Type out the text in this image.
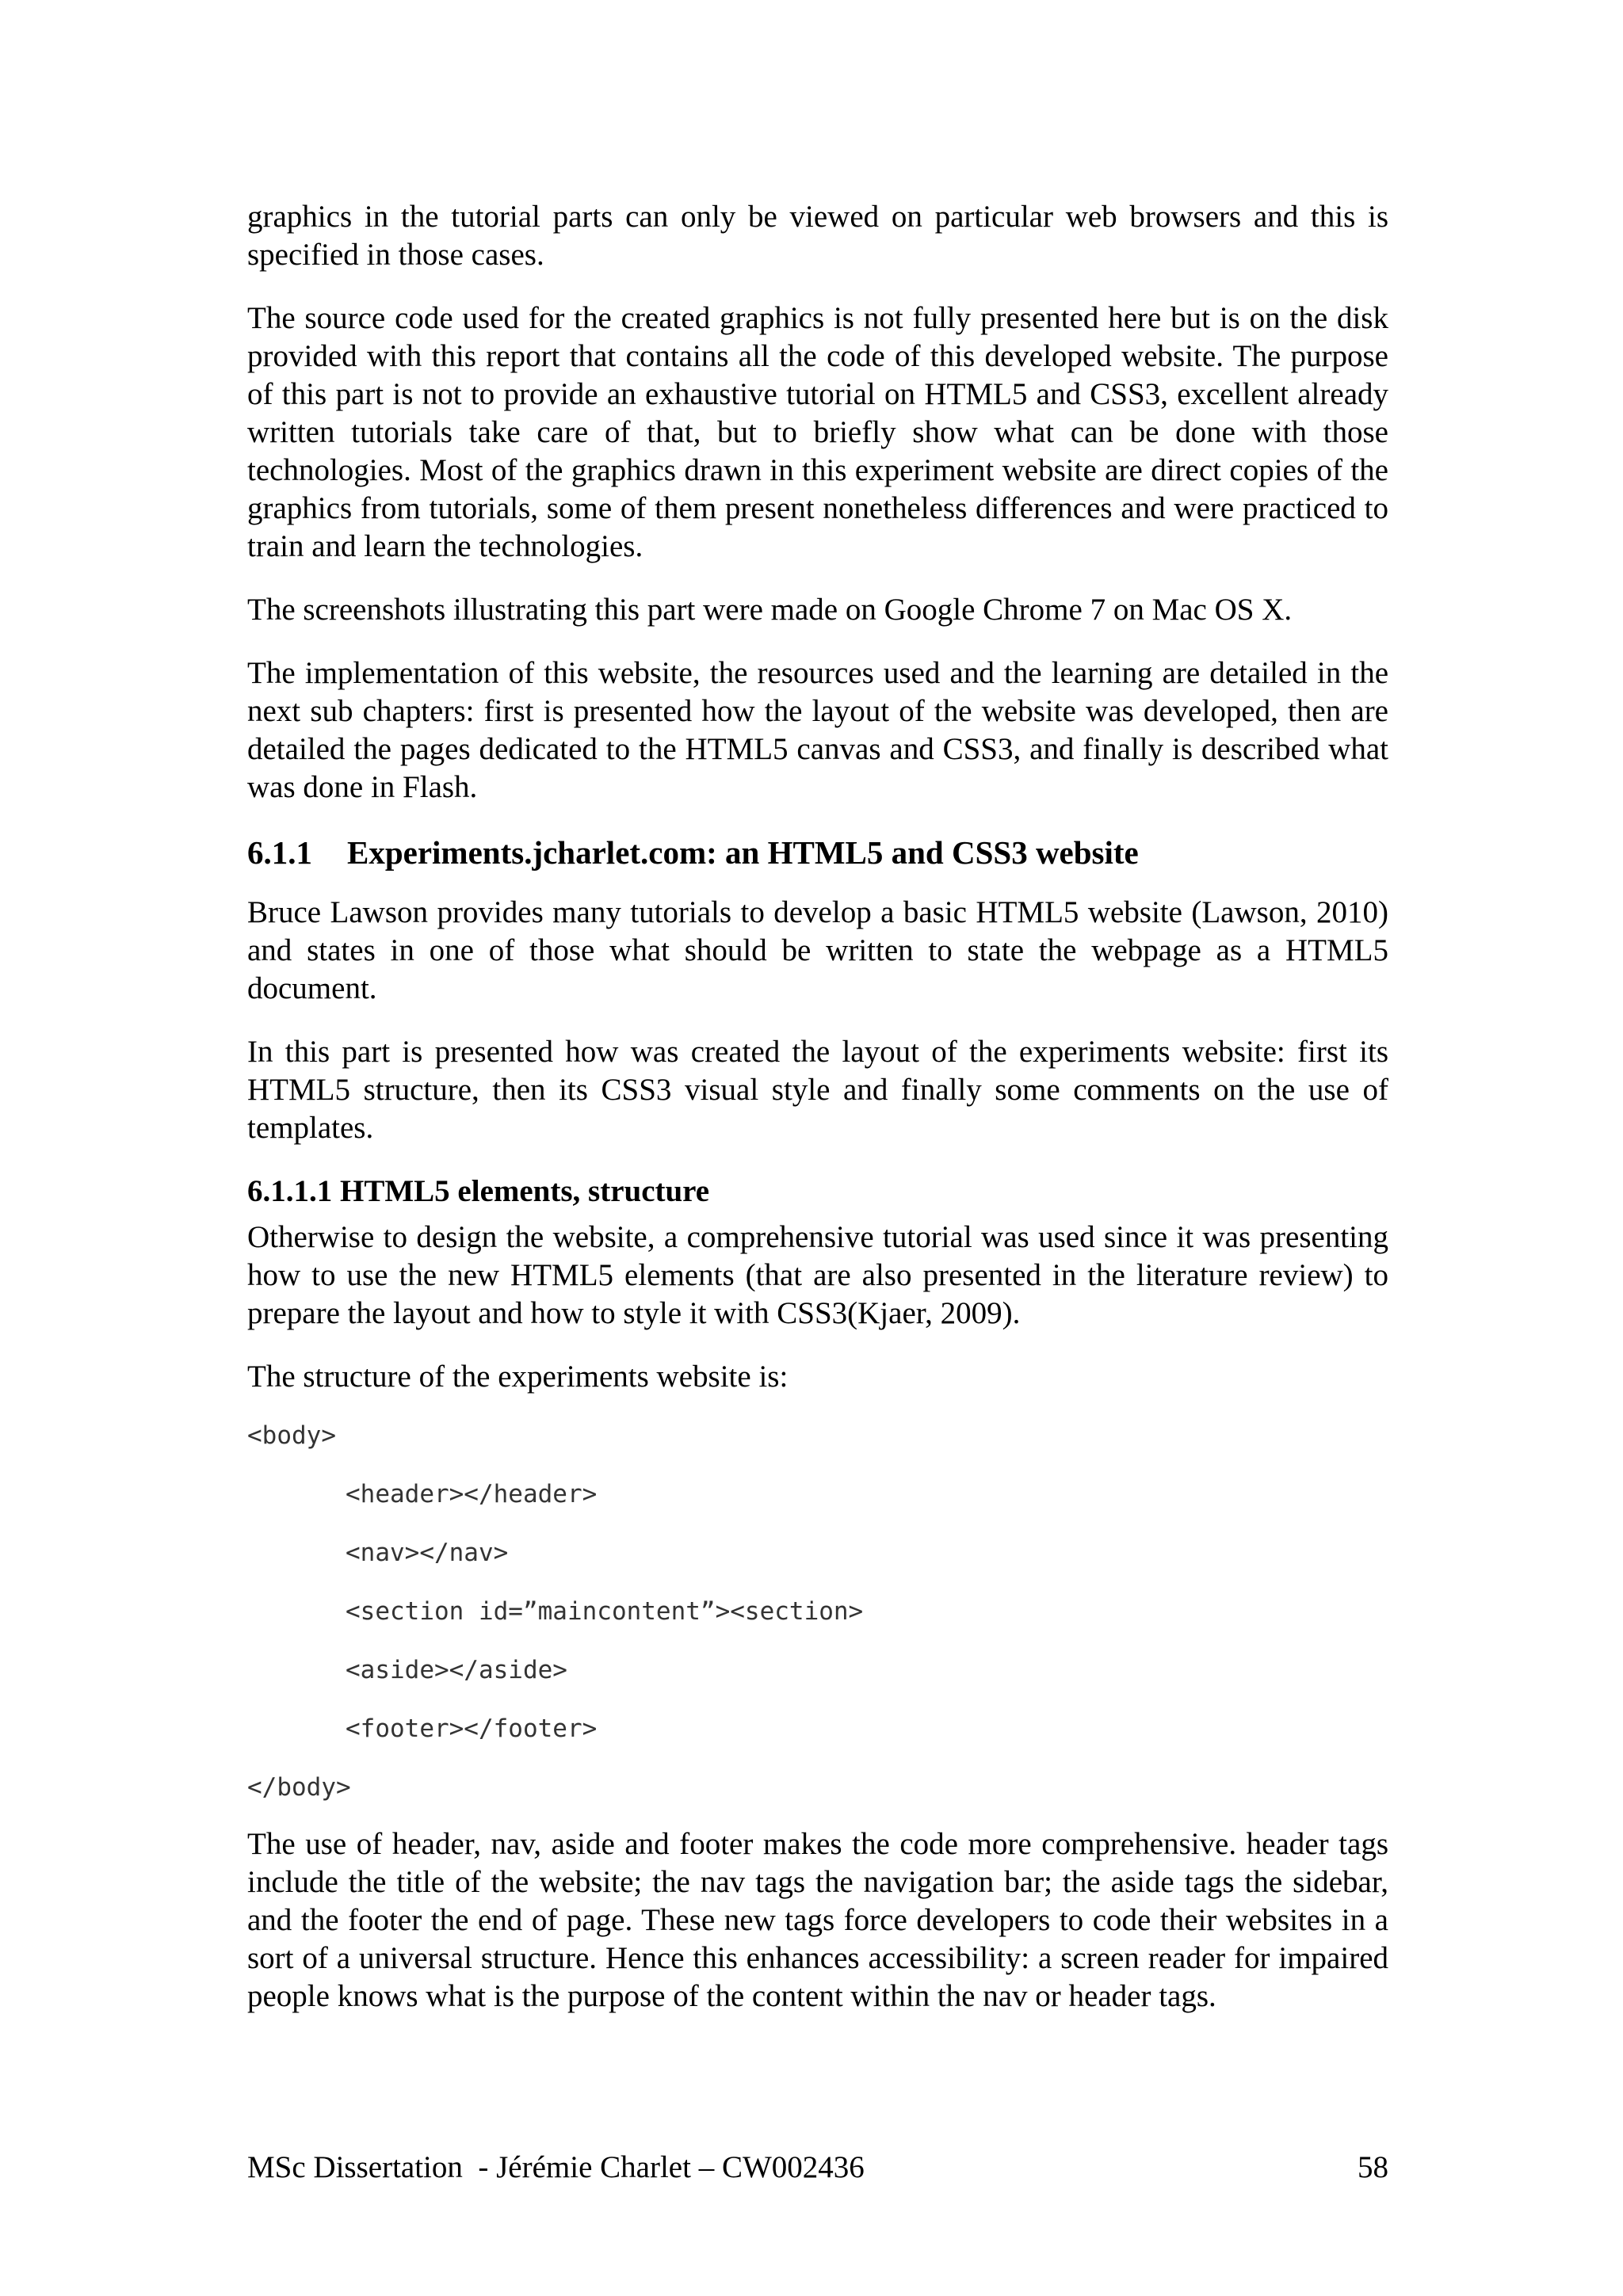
graphics in the tutorial parts can only be viewed on particular web browsers and this is specified in those cases.

The source code used for the created graphics is not fully presented here but is on the disk provided with this report that contains all the code of this developed website. The purpose of this part is not to provide an exhaustive tutorial on HTML5 and CSS3, excellent already written tutorials take care of that, but to briefly show what can be done with those technologies. Most of the graphics drawn in this experiment website are direct copies of the graphics from tutorials, some of them present nonetheless differences and were practiced to train and learn the technologies.

The screenshots illustrating this part were made on Google Chrome 7 on Mac OS X.

The implementation of this website, the resources used and the learning are detailed in the next sub chapters: first is presented how the layout of the website was developed, then are detailed the pages dedicated to the HTML5 canvas and CSS3, and finally is described what was done in Flash.

6.1.1 Experiments.jcharlet.com: an HTML5 and CSS3 website

Bruce Lawson provides many tutorials to develop a basic HTML5 website (Lawson, 2010) and states in one of those what should be written to state the webpage as a HTML5 document.

In this part is presented how was created the layout of the experiments website: first its HTML5 structure, then its CSS3 visual style and finally some comments on the use of templates.

6.1.1.1 HTML5 elements, structure

Otherwise to design the website, a comprehensive tutorial was used since it was presenting how to use the new HTML5 elements (that are also presented in the literature review) to prepare the layout and how to style it with CSS3(Kjaer, 2009).

The structure of the experiments website is:

<body>
<header></header>
<nav></nav>
<section id=”maincontent”><section>
<aside></aside>
<footer></footer>
</body>

The use of header, nav, aside and footer makes the code more comprehensive. header tags include the title of the website; the nav tags the navigation bar; the aside tags the sidebar, and the footer the end of page. These new tags force developers to code their websites in a sort of a universal structure. Hence this enhances accessibility: a screen reader for impaired people knows what is the purpose of the content within the nav or header tags.

MSc Dissertation  - Jérémie Charlet – CW002436	58
